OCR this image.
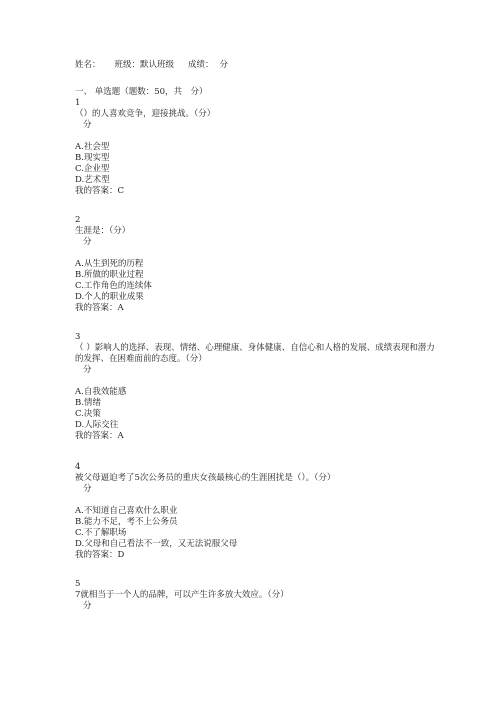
姓名： 班级：默认班级 成绩： 分
一、 单选题（题数：50，共　分）
1
（）的人喜欢竞争，迎接挑战。（分）
分
A.社会型
B.现实型
C.企业型
D.艺术型
我的答案：C
2
生涯是：（分）
分
A.从生到死的历程
B.所做的职业过程
C.工作角色的连续体
D.个人的职业成果
我的答案：A
3
（ ）影响人的选择、表现、情绪、心理健康、身体健康、自信心和人格的发展、成绩表现和潜力的发挥、在困难面前的态度。（分）
分
A.自我效能感
B.情绪
C.决策
D.人际交往
我的答案：A
4
被父母逼迫考了5次公务员的重庆女孩最核心的生涯困扰是（）。（分）
分
A.不知道自己喜欢什么职业
B.能力不足，考不上公务员
C.不了解职场
D.父母和自己看法不一致，又无法说服父母
我的答案：D
5
7就相当于一个人的品牌，可以产生许多放大效应。（分）
分
